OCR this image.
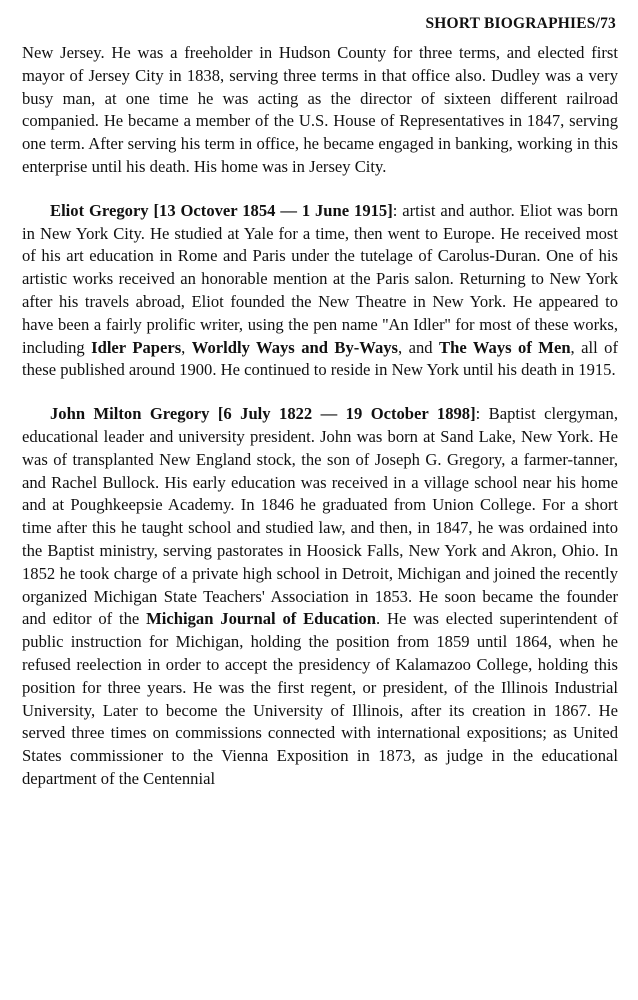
SHORT BIOGRAPHIES/73

New Jersey. He was a freeholder in Hudson County for three terms, and elected first mayor of Jersey City in 1838, serving three terms in that office also. Dudley was a very busy man, at one time he was acting as the director of sixteen different railroad companied. He became a member of the U.S. House of Representatives in 1847, serving one term. After serving his term in office, he became engaged in banking, working in this enterprise until his death. His home was in Jersey City.

Eliot Gregory [13 Octover 1854 — 1 June 1915]: artist and author. Eliot was born in New York City. He studied at Yale for a time, then went to Europe. He received most of his art education in Rome and Paris under the tutelage of Carolus-Duran. One of his artistic works received an honorable mention at the Paris salon. Returning to New York after his travels abroad, Eliot founded the New Theatre in New York. He appeared to have been a fairly prolific writer, using the pen name ''An Idler'' for most of these works, including Idler Papers, Worldly Ways and By-Ways, and The Ways of Men, all of these published around 1900. He continued to reside in New York until his death in 1915.

John Milton Gregory [6 July 1822 — 19 October 1898]: Baptist clergyman, educational leader and university president. John was born at Sand Lake, New York. He was of transplanted New England stock, the son of Joseph G. Gregory, a farmer-tanner, and Rachel Bullock. His early education was received in a village school near his home and at Poughkeepsie Academy. In 1846 he graduated from Union College. For a short time after this he taught school and studied law, and then, in 1847, he was ordained into the Baptist ministry, serving pastorates in Hoosick Falls, New York and Akron, Ohio. In 1852 he took charge of a private high school in Detroit, Michigan and joined the recently organized Michigan State Teachers' Association in 1853. He soon became the founder and editor of the Michigan Journal of Education. He was elected superintendent of public instruction for Michigan, holding the position from 1859 until 1864, when he refused reelection in order to accept the presidency of Kalamazoo College, holding this position for three years. He was the first regent, or president, of the Illinois Industrial University, Later to become the University of Illinois, after its creation in 1867. He served three times on commissions connected with international expositions; as United States commissioner to the Vienna Exposition in 1873, as judge in the educational department of the Centennial
